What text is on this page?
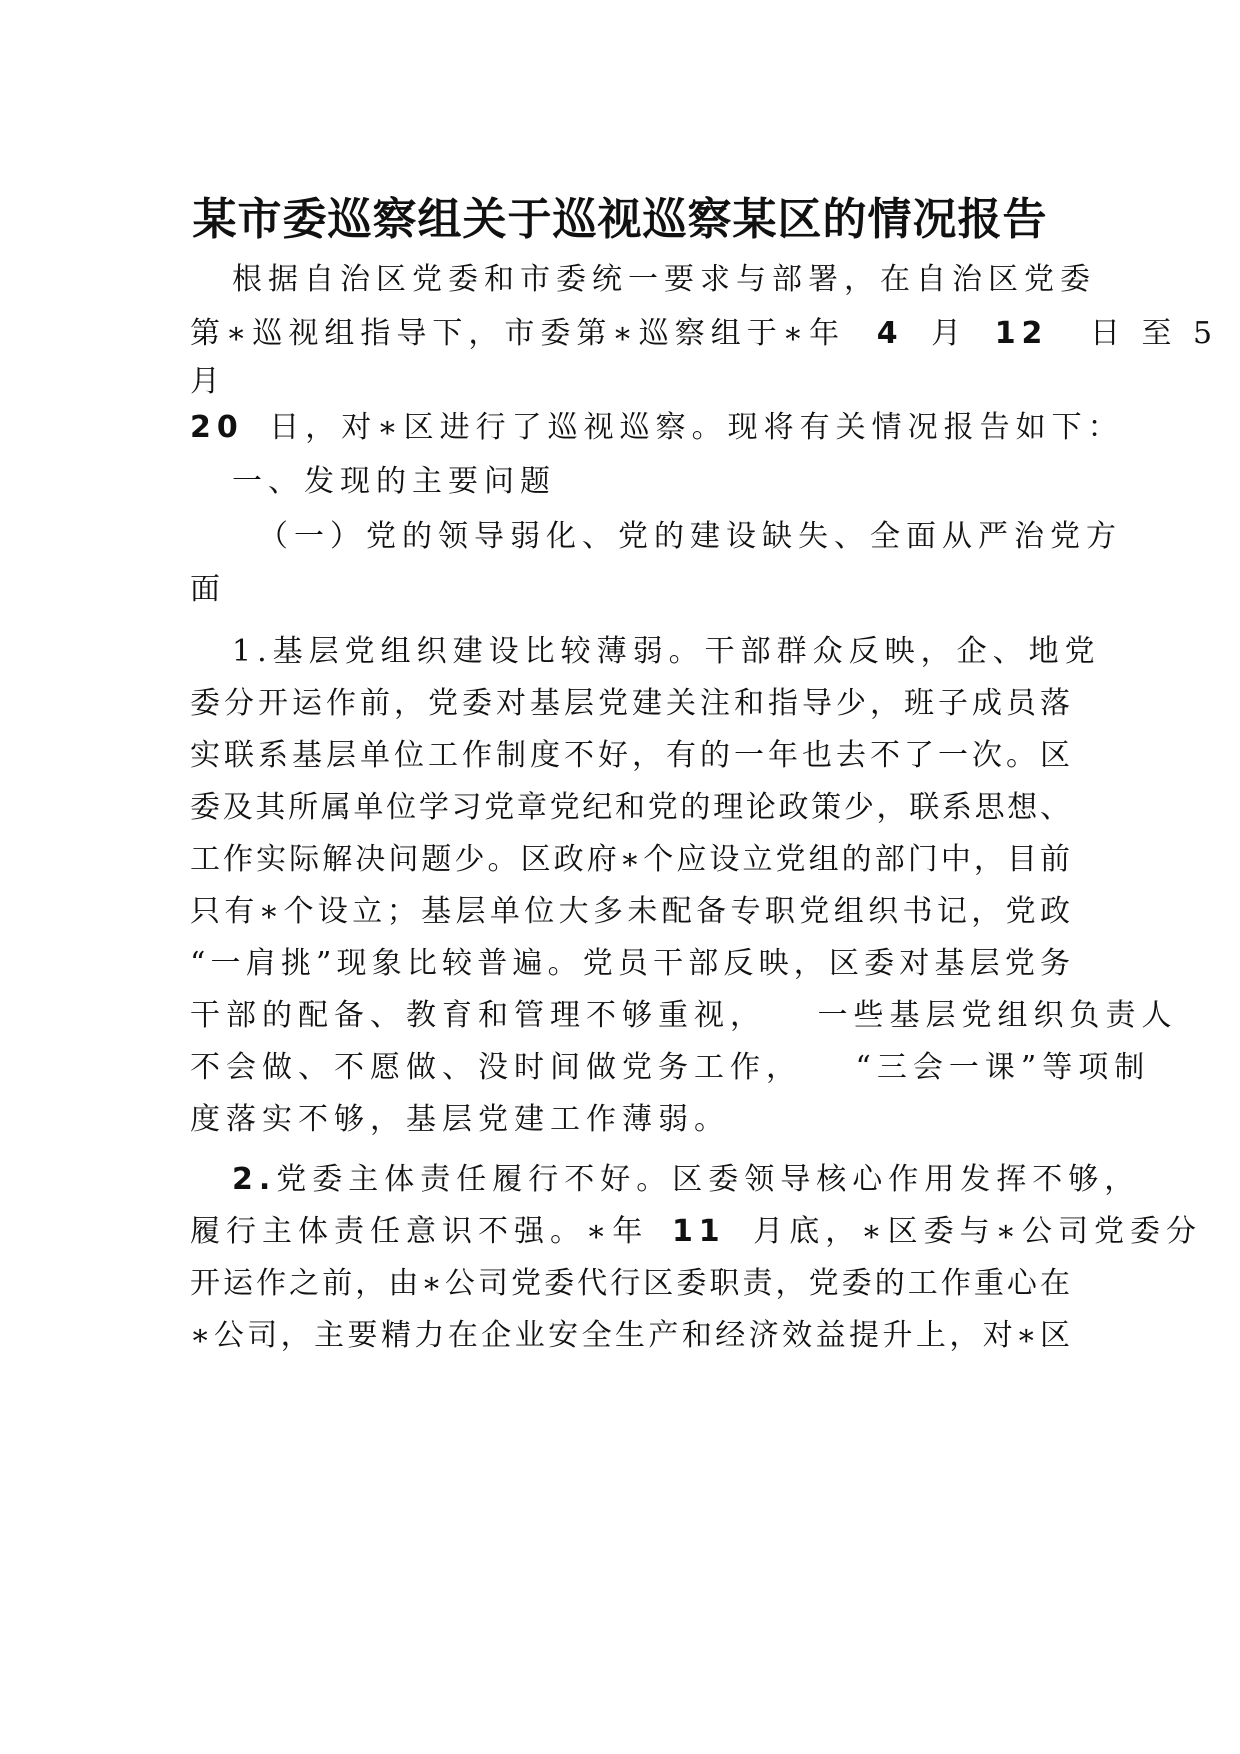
某市委巡察组关于巡视巡察某区的情况报告
根据自治区党委和市委统一要求与部署，在自治区党委
第∗巡视组指导下，市委第∗巡察组于∗年 4 月 12 日 至 5
月
20 日，对∗区进行了巡视巡察。现将有关情况报告如下：
一、发现的主要问题
（一）党的领导弱化、党的建设缺失、全面从严治党方
面
1.基层党组织建设比较薄弱。干部群众反映，企、地党
委分开运作前，党委对基层党建关注和指导少，班子成员落
实联系基层单位工作制度不好，有的一年也去不了一次。区
委及其所属单位学习党章党纪和党的理论政策少，联系思想、
工作实际解决问题少。区政府∗个应设立党组的部门中，目前
只有∗个设立；基层单位大多未配备专职党组织书记，党政
“一肩挑”现象比较普遍。党员干部反映，区委对基层党务
干部的配备、教育和管理不够重视， 一些基层党组织负责人
不会做、不愿做、没时间做党务工作， “三会一课”等项制
度落实不够，基层党建工作薄弱。
2.党委主体责任履行不好。区委领导核心作用发挥不够，
履行主体责任意识不强。∗年 11 月底，∗区委与∗公司党委分
开运作之前，由∗公司党委代行区委职责，党委的工作重心在
∗公司，主要精力在企业安全生产和经济效益提升上，对∗区
